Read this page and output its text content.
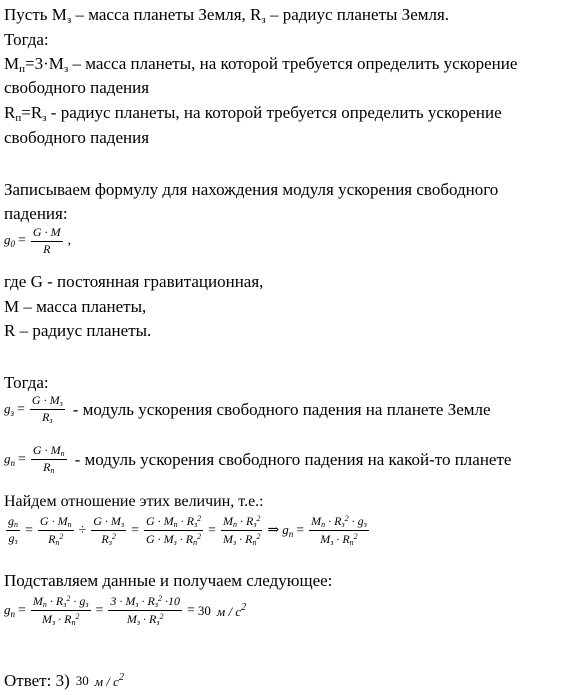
Пусть $M_з$ – масса планеты Земля, $R_з$ – радиус планеты Земля.
Тогда:
$M_п=3\cdot M_з$ – масса планеты, на которой требуется определить ускорение
свободного падения
$R_п=R_з$ - радиус планеты, на которой требуется определить ускорение
свободного падения
Записываем формулу для нахождения модуля ускорения свободного
падения:
$g_0 = \frac{G \cdot M}{R}$ ,
где G - постоянная гравитационная,
M – масса планеты,
R – радиус планеты.
Тогда:
$g_з = \frac{G \cdot M_з}{R_з}$ - модуль ускорения свободного падения на планете Земле
$g_п = \frac{G \cdot M_п}{R_п}$ - модуль ускорения свободного падения на какой-то планете
Найдем отношение этих величин, т.е.:
$\frac{g_п}{g_з} = \frac{G \cdot M_п}{R_п^2} \div \frac{G \cdot M_з}{R_з^2} = \frac{G \cdot M_п \cdot R_з^2}{G \cdot M_з \cdot R_п^2} = \frac{M_п \cdot R_з^2}{M_з \cdot R_п^2}$ ⇒ $g_п = \frac{M_п \cdot R_з^2 \cdot g_з}{M_з \cdot R_п^2}$
Подставляем данные и получаем следующее:
$g_п = \frac{M_п \cdot R_з^2 \cdot g_з}{M_з \cdot R_п^2} = \frac{3 \cdot M_з \cdot R_з^2 \cdot 10}{M_з \cdot R_з^2} = 30$ м / $с^2$
Ответ: 3) 30 м / $с^2$
